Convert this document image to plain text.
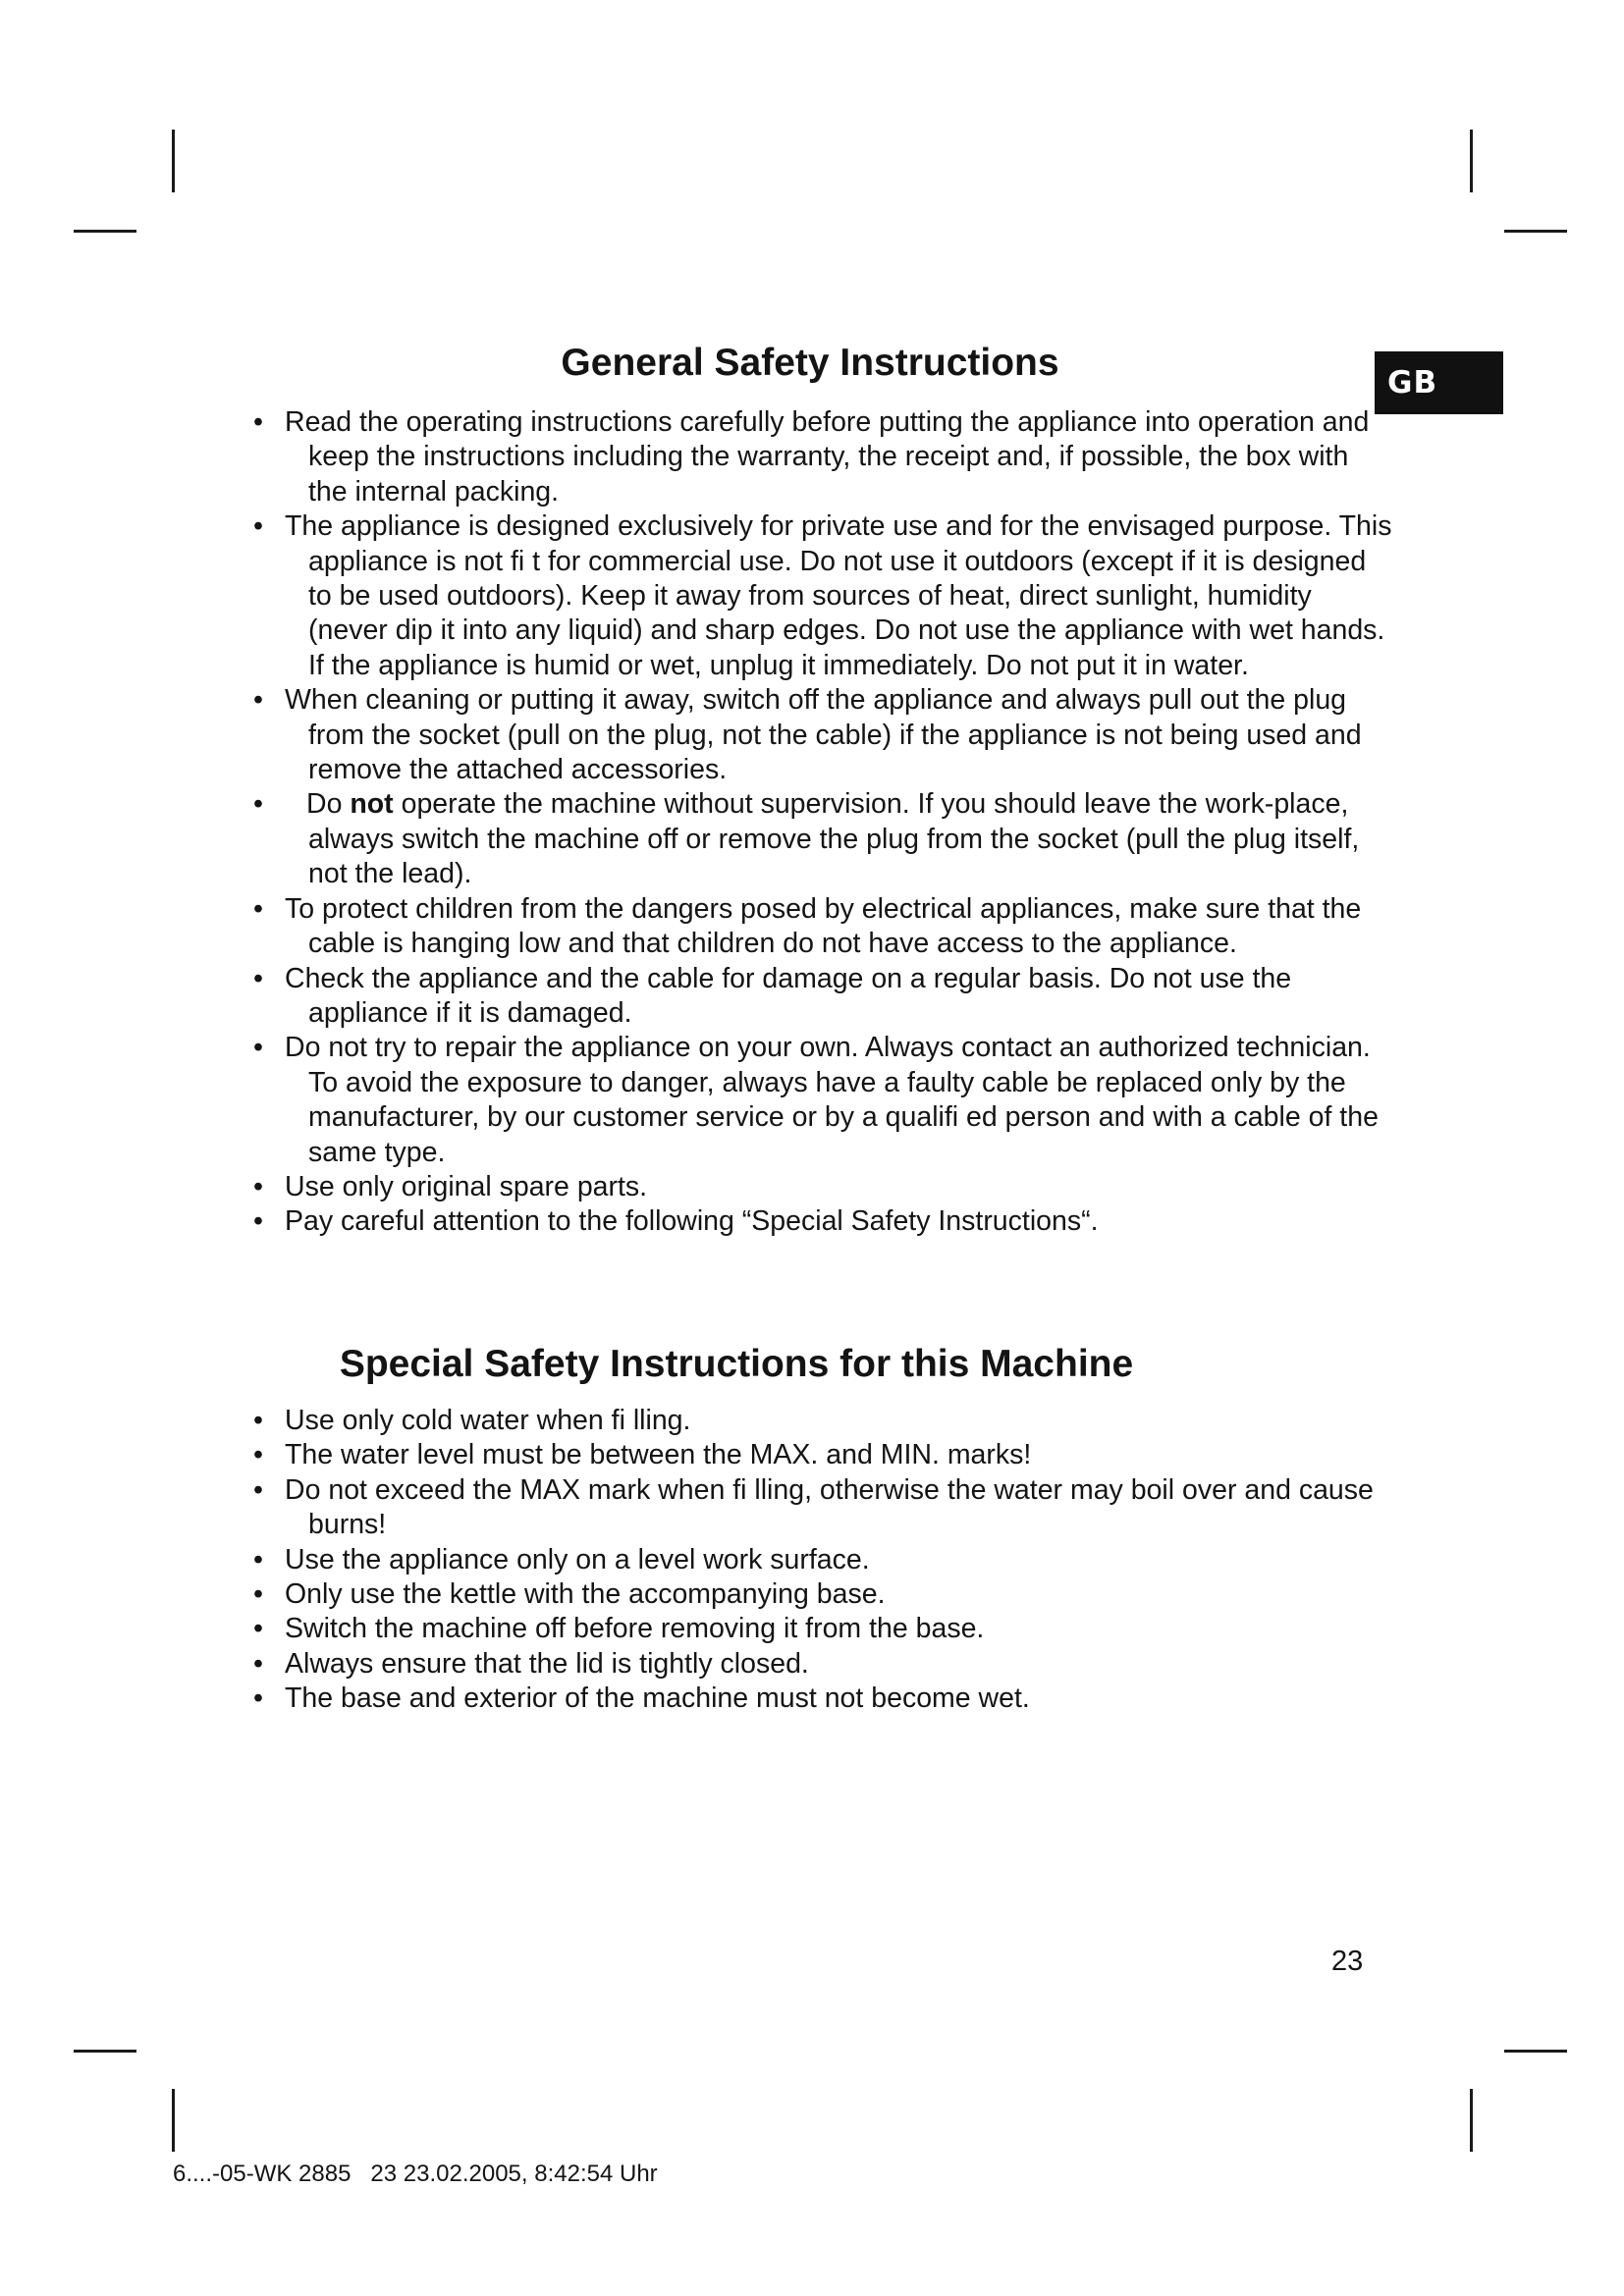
GB
General Safety Instructions
• Read the operating instructions carefully before putting the appliance into operation and keep the instructions including the warranty, the receipt and, if possible, the box with the internal packing.
• The appliance is designed exclusively for private use and for the envisaged purpose. This appliance is not fi t for commercial use. Do not use it outdoors (except if it is designed to be used outdoors). Keep it away from sources of heat, direct sunlight, humidity (never dip it into any liquid) and sharp edges. Do not use the appliance with wet hands. If the appliance is humid or wet, unplug it immediately. Do not put it in water.
• When cleaning or putting it away, switch off the appliance and always pull out the plug from the socket (pull on the plug, not the cable) if the appliance is not being used and remove the attached accessories.
•	Do not operate the machine without supervision. If you should leave the work-place, always switch the machine off or remove the plug from the socket (pull the plug itself, not the lead).
• To protect children from the dangers posed by electrical appliances, make sure that the cable is hanging low and that children do not have access to the appliance.
• Check the appliance and the cable for damage on a regular basis. Do not use the appliance if it is damaged.
• Do not try to repair the appliance on your own. Always contact an authorized technician. To avoid the exposure to danger, always have a faulty cable be replaced only by the manufacturer, by our customer service or by a qualifi ed person and with a cable of the same type.
• Use only original spare parts.
• Pay careful attention to the following “Special Safety Instructions“.
Special Safety Instructions for this Machine
• Use only cold water when fi lling.
• The water level must be between the MAX. and MIN. marks!
• Do not exceed the MAX mark when fi lling, otherwise the water may boil over and cause burns!
• Use the appliance only on a level work surface.
• Only use the kettle with the accompanying base.
• Switch the machine off before removing it from the base.
• Always ensure that the lid is tightly closed.
• The base and exterior of the machine must not become wet.
23
6....-05-WK 2885   23 23.02.2005, 8:42:54 Uhr
